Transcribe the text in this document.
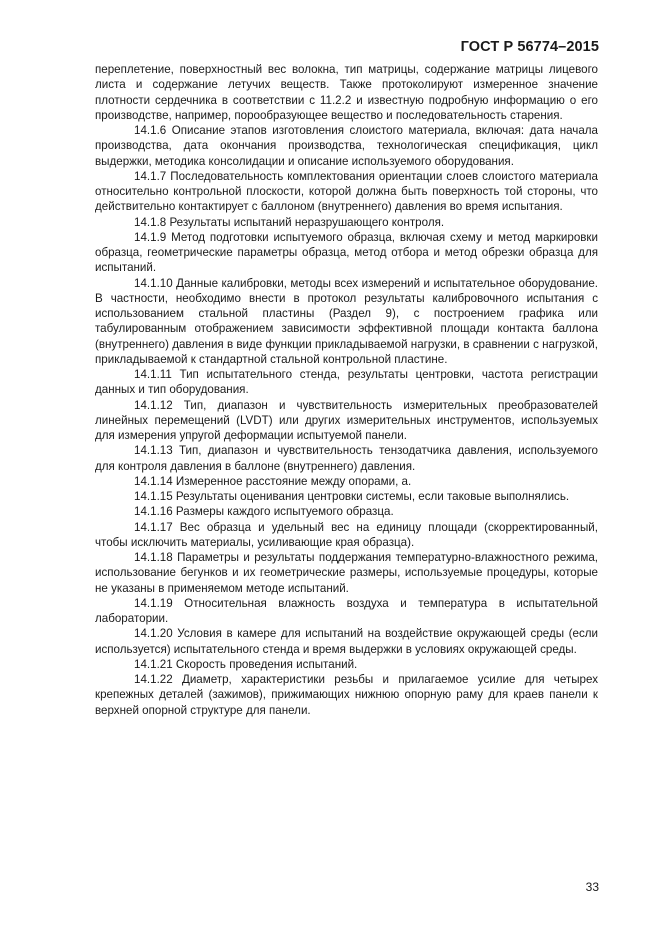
ГОСТ Р 56774–2015

переплетение, поверхностный вес волокна, тип матрицы, содержание матрицы лицевого листа и содержание летучих веществ. Также протоколируют измеренное значение плотности сердечника в соответствии с 11.2.2 и известную подробную информацию о его производстве, например, порообразующее вещество и последовательность старения.

14.1.6 Описание этапов изготовления слоистого материала, включая: дата начала производства, дата окончания производства, технологическая спецификация, цикл выдержки, методика консолидации и описание используемого оборудования.

14.1.7 Последовательность комплектования ориентации слоев слоистого материала относительно контрольной плоскости, которой должна быть поверхность той стороны, что действительно контактирует с баллоном (внутреннего) давления во время испытания.

14.1.8 Результаты испытаний неразрушающего контроля.

14.1.9 Метод подготовки испытуемого образца, включая схему и метод маркировки образца, геометрические параметры образца, метод отбора и метод обрезки образца для испытаний.

14.1.10 Данные калибровки, методы всех измерений и испытательное оборудование. В частности, необходимо внести в протокол результаты калибровочного испытания с использованием стальной пластины (Раздел 9), с построением графика или табулированным отображением зависимости эффективной площади контакта баллона (внутреннего) давления в виде функции прикладываемой нагрузки, в сравнении с нагрузкой, прикладываемой к стандартной стальной контрольной пластине.

14.1.11 Тип испытательного стенда, результаты центровки, частота регистрации данных и тип оборудования.

14.1.12 Тип, диапазон и чувствительность измерительных преобразователей линейных перемещений (LVDT) или других измерительных инструментов, используемых для измерения упругой деформации испытуемой панели.

14.1.13 Тип, диапазон и чувствительность тензодатчика давления, используемого для контроля давления в баллоне (внутреннего) давления.

14.1.14 Измеренное расстояние между опорами, a.

14.1.15 Результаты оценивания центровки системы, если таковые выполнялись.

14.1.16 Размеры каждого испытуемого образца.

14.1.17 Вес образца и удельный вес на единицу площади (скорректированный, чтобы исключить материалы, усиливающие края образца).

14.1.18 Параметры и результаты поддержания температурно-влажностного режима, использование бегунков и их геометрические размеры, используемые процедуры, которые не указаны в применяемом методе испытаний.

14.1.19 Относительная влажность воздуха и температура в испытательной лаборатории.

14.1.20 Условия в камере для испытаний на воздействие окружающей среды (если используется) испытательного стенда и время выдержки в условиях окружающей среды.

14.1.21 Скорость проведения испытаний.

14.1.22 Диаметр, характеристики резьбы и прилагаемое усилие для четырех крепежных деталей (зажимов), прижимающих нижнюю опорную раму для краев панели к верхней опорной структуре для панели.

33
